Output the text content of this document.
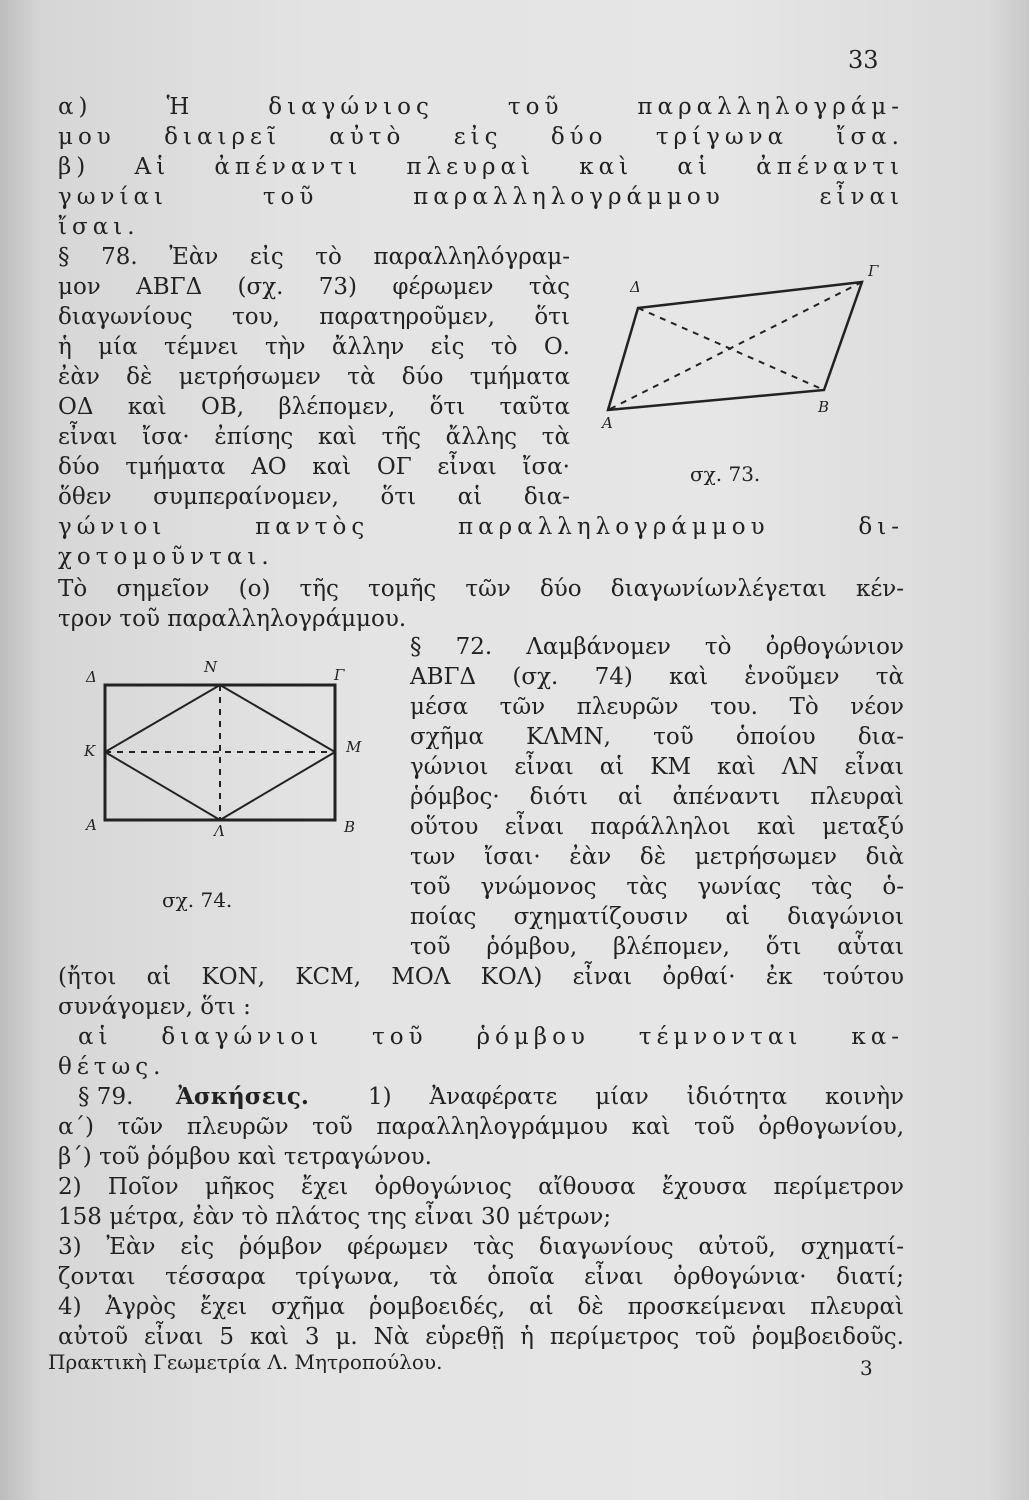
33
α) Ἡ διαγώνιος τοῦ παραλληλογράμ-
μου διαιρεῖ αὐτὸ εἰς δύο τρίγωνα ἴσα.
β) Αἱ ἀπέναντι πλευραὶ καὶ αἱ ἀπέναντι
γωνίαι τοῦ παραλληλογράμμου εἶναι
ἴσαι.
§ 78. Ἐὰν εἰς τὸ παραλληλόγραμ-
μον ΑΒΓΔ (σχ. 73) φέρωμεν τὰς
διαγωνίους του, παρατηροῦμεν, ὅτι
ἡ μία τέμνει τὴν ἄλλην εἰς τὸ Ο.
ἐὰν δὲ μετρήσωμεν τὰ δύο τμήματα
ΟΔ καὶ ΟΒ, βλέπομεν, ὅτι ταῦτα
εἶναι ἴσα· ἐπίσης καὶ τῆς ἄλλης τὰ
δύο τμήματα ΑΟ καὶ ΟΓ εἶναι ἴσα·
ὅθεν συμπεραίνομεν, ὅτι αἱ δια-
γώνιοι παντὸς παραλληλογράμμου δι-
χοτομοῦνται.
Τὸ σημεῖον (ο) τῆς τομῆς τῶν δύο διαγωνίωνλέγεται κέν-
τρον τοῦ παραλληλογράμμου.
§ 72. Λαμβάνομεν τὸ ὀρθογώνιον
ΑΒΓΔ (σχ. 74) καὶ ἑνοῦμεν τὰ
μέσα τῶν πλευρῶν του. Τὸ νέον
σχῆμα ΚΛΜΝ, τοῦ ὁποίου δια-
γώνιοι εἶναι αἱ ΚΜ καὶ ΛΝ εἶναι
ῥόμβος· διότι αἱ ἀπέναντι πλευραὶ
οὕτου εἶναι παράλληλοι καὶ μεταξύ
των ἴσαι· ἐὰν δὲ μετρήσωμεν διὰ
τοῦ γνώμονος τὰς γωνίας τὰς ὁ-
ποίας σχηματίζουσιν αἱ διαγώνιοι
τοῦ ῥόμβου, βλέπομεν, ὅτι αὗται
(ἤτοι αἱ ΚΟΝ, ΚCΜ, ΜΟΛ ΚΟΛ) εἶναι ὀρθαί· ἐκ τούτου
συνάγομεν, ὅτι :
αἱ διαγώνιοι τοῦ ῥόμβου τέμνονται κα-
θέτως.
§ 79.	Ἀσκήσεις.	1) Ἀναφέρατε μίαν ἰδιότητα κοινὴν
α΄) τῶν πλευρῶν τοῦ παραλληλογράμμου καὶ τοῦ ὀρθογωνίου,
β΄) τοῦ ῥόμβου καὶ τετραγώνου.
2) Ποῖον μῆκος ἔχει ὀρθογώνιος αἴθουσα ἔχουσα περίμετρον
158 μέτρα, ἐὰν τὸ πλάτος της εἶναι 30 μέτρων;
3) Ἐὰν εἰς ῥόμβον φέρωμεν τὰς διαγωνίους αὐτοῦ, σχηματί-
ζονται τέσσαρα τρίγωνα, τὰ ὁποῖα εἶναι ὀρθογώνια· διατί;
4) Ἀγρὸς ἔχει σχῆμα ῥομβοειδές, αἱ δὲ προσκείμεναι πλευραὶ
αὐτοῦ εἶναι 5 καὶ 3 μ. Νὰ εὑρεθῇ ἡ περίμετρος τοῦ ῥομβοειδοῦς.
Δ
Γ
Α
Β
σχ. 73.
Δ
Ν	Γ
Κ	Μ
Α	Λ	Β
σχ. 74.
Πρακτικὴ Γεωμετρία Λ. Μητροπούλου.	3
